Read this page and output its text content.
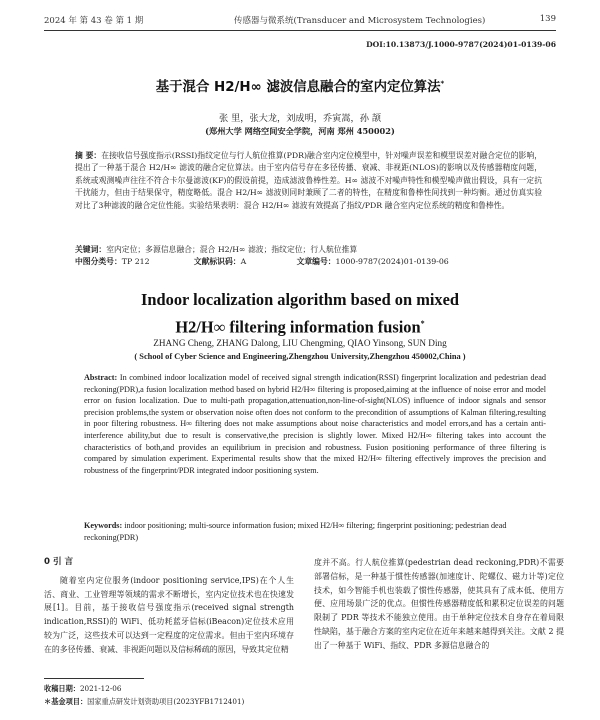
2024 年 第 43 卷 第 1 期	传感器与微系统(Transducer and Microsystem Technologies)	139
DOI:10.13873/J.1000-9787(2024)01-0139-06
基于混合 H2/H∞ 滤波信息融合的室内定位算法*
张 里，张大龙，刘成明，乔寅嵩，孙 颉
(郑州大学 网络空间安全学院，河南 郑州 450002)
摘 要：在接收信号强度指示(RSSI)指纹定位与行人航位推算(PDR)融合室内定位模型中，针对噪声误差和模型误差对融合定位的影响，提出了一种基于混合 H2/H∞ 滤波的融合定位算法。由于室内信号存在多径传播、衰减、非视距(NLOS)的影响以及传感器精度问题，系统或观测噪声往往不符合卡尔曼滤波(KF)的假设前提，造成滤波鲁棒性差。H∞ 滤波不对噪声特性和模型噪声做出假设，具有一定抗干扰能力，但由于结果保守，精度略低。混合 H2/H∞ 滤波则同时兼顾了二者的特性，在精度和鲁棒性间找到一种均衡。通过仿真实验对比了3种滤波的融合定位性能。实验结果表明：混合 H2/H∞ 滤波有效提高了指纹/PDR 融合室内定位系统的精度和鲁棒性。
关键词：室内定位；多源信息融合；混合 H2/H∞ 滤波；指纹定位；行人航位推算
中图分类号：TP 212	文献标识码：A	文章编号：1000-9787(2024)01-0139-06
Indoor localization algorithm based on mixed
H2/H∞ filtering information fusion*
ZHANG Cheng, ZHANG Dalong, LIU Chengming, QIAO Yinsong, SUN Ding
( School of Cyber Science and Engineering,Zhengzhou University,Zhengzhou 450002,China )
Abstract: In combined indoor localization model of received signal strength indication(RSSI) fingerprint localization and pedestrian dead reckoning(PDR),a fusion localization method based on hybrid H2/H∞ filtering is proposed,aiming at the influence of noise error and model error on fusion localization. Due to multi-path propagation,attenuation,non-line-of-sight(NLOS) influence of indoor signals and sensor precision problems,the system or observation noise often does not conform to the precondition of assumptions of Kalman filtering,resulting in poor filtering robustness. H∞ filtering does not make assumptions about noise characteristics and model errors,and has a certain anti-interference ability,but due to result is conservative,the precision is slightly lower. Mixed H2/H∞ filtering takes into account the characteristics of both,and provides an equilibrium in precision and robustness. Fusion positioning performance of three filtering is compared by simulation experiment. Experimental results show that the mixed H2/H∞ filtering effectively improves the precision and robustness of the fingerprint/PDR integrated indoor positioning system.
Keywords: indoor positioning; multi-source information fusion; mixed H2/H∞ filtering; fingerprint positioning; pedestrian dead reckoning(PDR)
0 引 言

随着室内定位服务(indoor positioning service,IPS)在个人生活、商业、工业管理等领域的需求不断增长，室内定位技术也在快速发展[1]。目前，基于接收信号强度指示(received signal strength indication,RSSI)的 WiFi、低功耗蓝牙信标(iBeacon)定位技术应用较为广泛，这些技术可以达到一定程度的定位需求。但由于室内环境存在的多径传播、衰减、非视距问题以及信标稀疏的原因，导致其定位精

度并不高。行人航位推算(pedestrian dead reckoning,PDR)不需要部署信标，是一种基于惯性传感器(加速度计、陀螺仪、磁力计等)定位技术，如今智能手机也装载了惯性传感器，使其具有了成本低、使用方便、应用场景广泛的优点。但惯性传感器精度低和累积定位误差的问题限制了 PDR 等技术不能独立使用。由于单种定位技术自身存在着局限性缺陷，基于融合方案的室内定位在近年来越来越得到关注。文献 2 提出了一种基于 WiFi、指纹、PDR 多源信息融合的

收稿日期：2021-12-06
＊基金项目：国家重点研发计划资助项目(2023YFB1712401)
